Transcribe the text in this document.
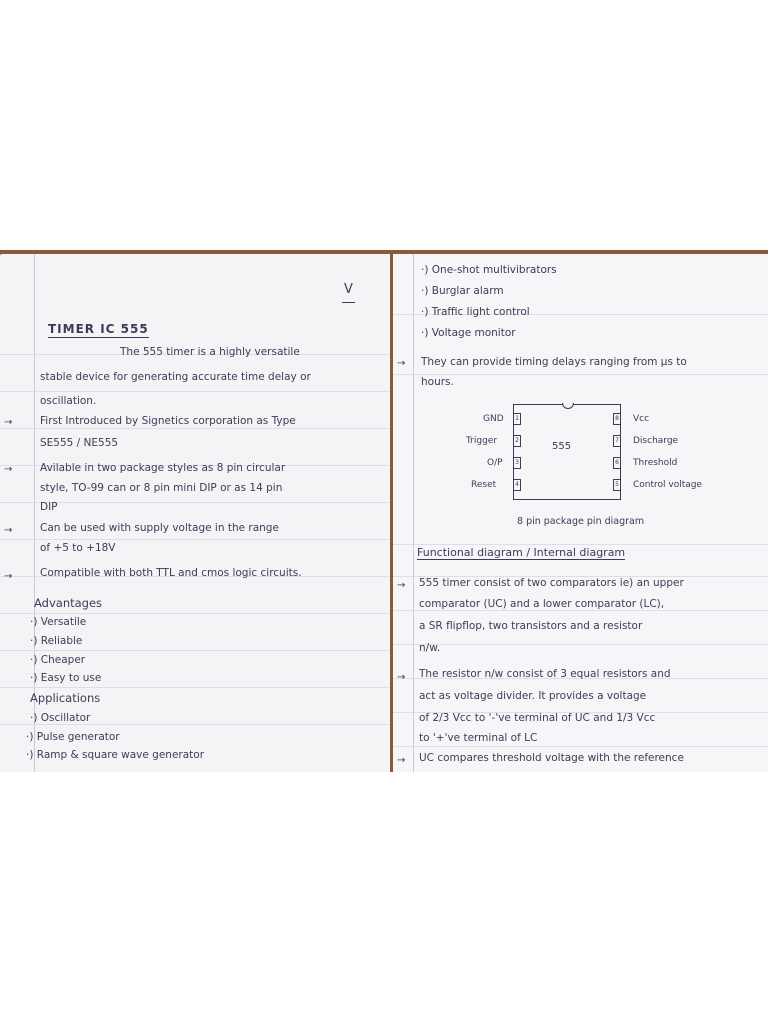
V
TIMER IC 555
The 555 timer is a highly versatile
stable device for generating accurate time delay or
oscillation.
→	First Introduced by Signetics corporation as Type
SE555 / NE555
→	Avilable in two package styles as 8 pin circular
style, TO-99 can or 8 pin mini DIP or as 14 pin
DIP
→	Can be used with supply voltage in the range
of +5 to +18V
→	Compatible with both TTL and cmos logic circuits.
Advantages
·) Versatile
·) Reliable
·) Cheaper
·) Easy to use
Applications
·) Oscillator
·) Pulse generator
·) Ramp & square wave generator
·) One-shot multivibrators
·) Burglar alarm
·) Traffic light control
·) Voltage monitor
→ They can provide timing delays ranging from µs to
hours.
555
1
2
3
4
8
7
6
5
GND
Trigger
O/P
Reset
Vcc
Discharge
Threshold
Control voltage
8 pin package pin diagram
Functional diagram / Internal diagram
→ 555 timer consist of two comparators ie) an upper
comparator (UC) and a lower comparator (LC),
a SR flipflop, two transistors and a resistor
n/w.
→ The resistor n/w consist of 3 equal resistors and
act as voltage divider. It provides a voltage
of 2/3 Vcc to '-'ve terminal of UC and 1/3 Vcc
to '+'ve terminal of LC
→ UC compares threshold voltage with the reference
